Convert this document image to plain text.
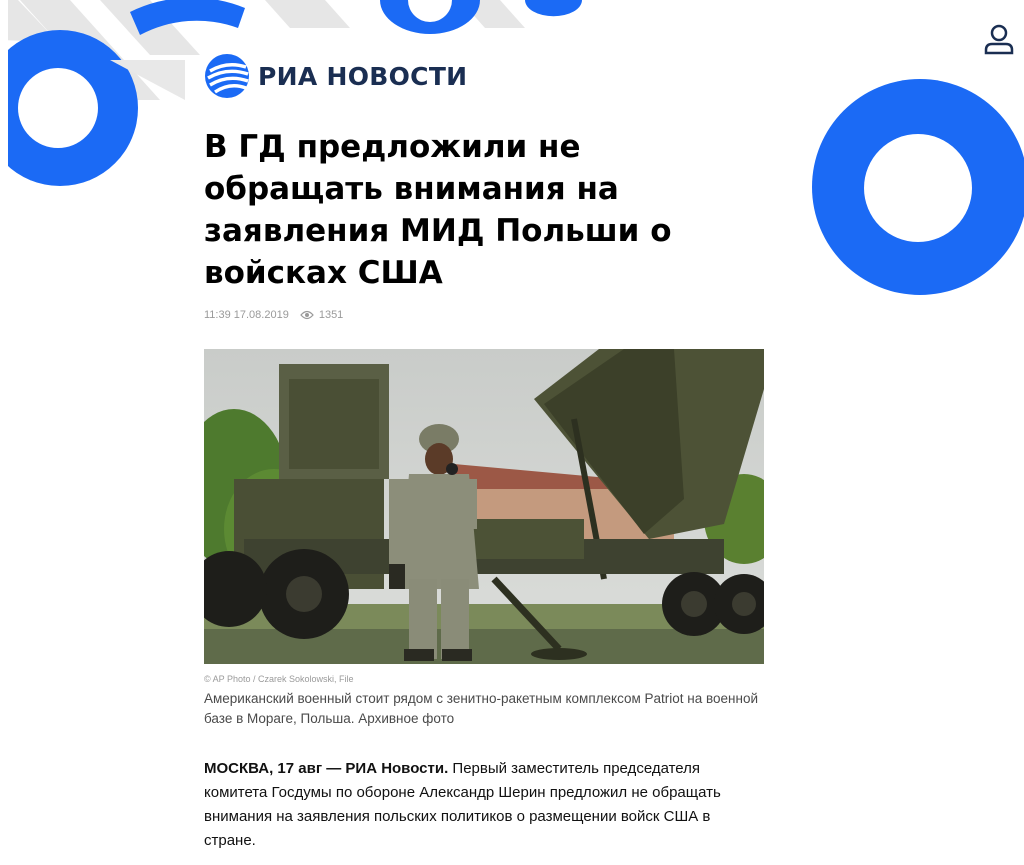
РИА НОВОСТИ
В ГД предложили не обращать внимания на заявления МИД Польши о войсках США
11:39 17.08.2019	1351
© AP Photo / Czarek Sokolowski, File
Американский военный стоит рядом с зенитно-ракетным комплексом Patriot на военной базе в Мораге, Польша. Архивное фото

МОСКВА, 17 авг — РИА Новости. Первый заместитель председателя комитета Госдумы по обороне Александр Шерин предложил не обращать внимания на заявления польских политиков о размещении войск США в стране.
